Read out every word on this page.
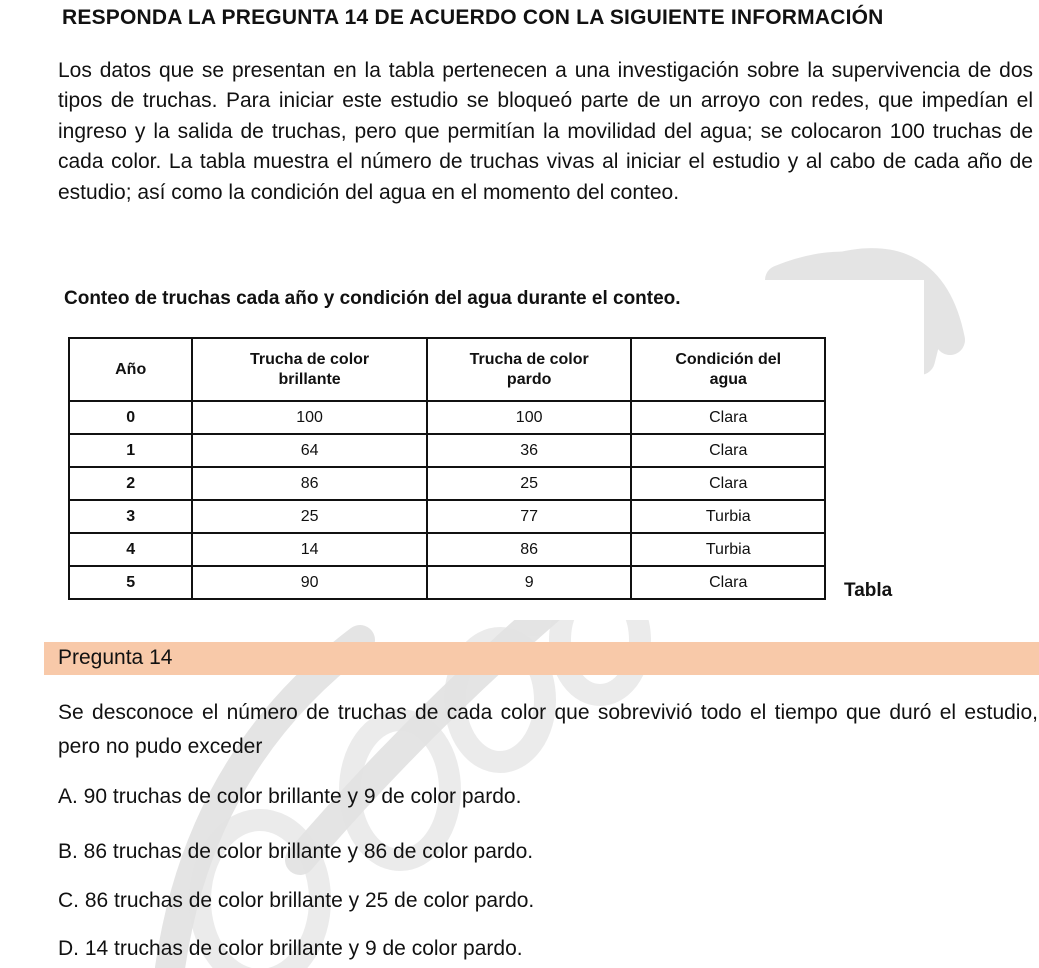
RESPONDA LA PREGUNTA 14 DE ACUERDO CON LA SIGUIENTE INFORMACIÓN

Los datos que se presentan en la tabla pertenecen a una investigación sobre la supervivencia de dos tipos de truchas. Para iniciar este estudio se bloqueó parte de un arroyo con redes, que impedían el ingreso y la salida de truchas, pero que permitían la movilidad del agua; se colocaron 100 truchas de cada color. La tabla muestra el número de truchas vivas al iniciar el estudio y al cabo de cada año de estudio; así como la condición del agua en el momento del conteo.

Conteo de truchas cada año y condición del agua durante el conteo.
Año	Trucha de color brillante	Trucha de color pardo	Condición del agua
0	100	100	Clara
1	64	36	Clara
2	86	25	Clara
3	25	77	Turbia
4	14	86	Turbia
5	90	9	Clara	Tabla
Pregunta 14

Se desconoce el número de truchas de cada color que sobrevivió todo el tiempo que duró el estudio, pero no pudo exceder

A. 90 truchas de color brillante y 9 de color pardo.
B. 86 truchas de color brillante y 86 de color pardo.
C. 86 truchas de color brillante y 25 de color pardo.
D. 14 truchas de color brillante y 9 de color pardo.
